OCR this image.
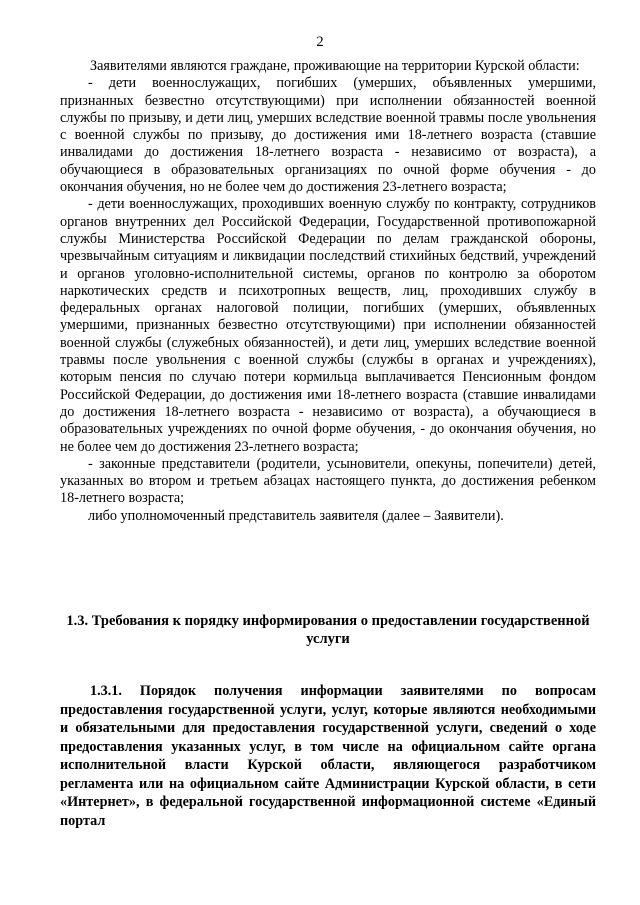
2

Заявителями являются граждане, проживающие на территории Курской области:

- дети военнослужащих, погибших (умерших, объявленных умершими, признанных безвестно отсутствующими) при исполнении обязанностей военной службы по призыву, и дети лиц, умерших вследствие военной травмы после увольнения с военной службы по призыву, до достижения ими 18-летнего возраста (ставшие инвалидами до достижения 18-летнего возраста - независимо от возраста), а обучающиеся в образовательных организациях по очной форме обучения - до окончания обучения, но не более чем до достижения 23-летнего возраста;

- дети военнослужащих, проходивших военную службу по контракту, сотрудников органов внутренних дел Российской Федерации, Государственной противопожарной службы Министерства Российской Федерации по делам гражданской обороны, чрезвычайным ситуациям и ликвидации последствий стихийных бедствий, учреждений и органов уголовно-исполнительной системы, органов по контролю за оборотом наркотических средств и психотропных веществ, лиц, проходивших службу в федеральных органах налоговой полиции, погибших (умерших, объявленных умершими, признанных безвестно отсутствующими) при исполнении обязанностей военной службы (служебных обязанностей), и дети лиц, умерших вследствие военной травмы после увольнения с военной службы (службы в органах и учреждениях), которым пенсия по случаю потери кормильца выплачивается Пенсионным фондом Российской Федерации, до достижения ими 18-летнего возраста (ставшие инвалидами до достижения 18-летнего возраста - независимо от возраста), а обучающиеся в образовательных учреждениях по очной форме обучения, - до окончания обучения, но не более чем до достижения 23-летнего возраста;

- законные представители (родители, усыновители, опекуны, попечители) детей, указанных во втором и третьем абзацах настоящего пункта, до достижения ребенком 18-летнего возраста;

либо уполномоченный представитель заявителя (далее – Заявители).

1.3. Требования к порядку информирования о предоставлении государственной услуги

1.3.1. Порядок получения информации заявителями по вопросам предоставления государственной услуги, услуг, которые являются необходимыми и обязательными для предоставления государственной услуги, сведений о ходе предоставления указанных услуг, в том числе на официальном сайте органа исполнительной власти Курской области, являющегося разработчиком регламента или на официальном сайте Администрации Курской области, в сети «Интернет», в федеральной государственной информационной системе «Единый портал
